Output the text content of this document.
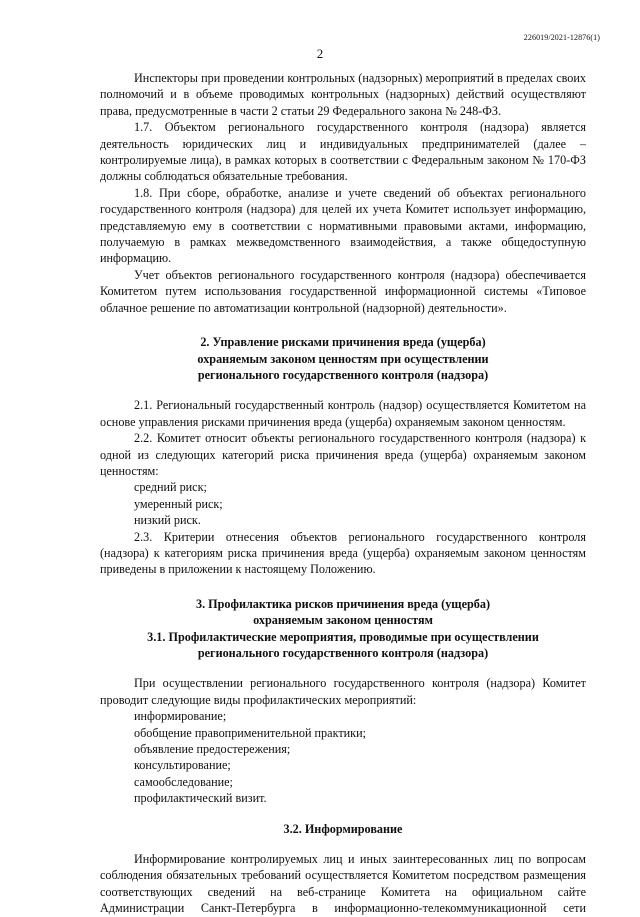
226019/2021-12876(1)
2

Инспекторы при проведении контрольных (надзорных) мероприятий в пределах своих полномочий и в объеме проводимых контрольных (надзорных) действий осуществляют права, предусмотренные в части 2 статьи 29 Федерального закона № 248-ФЗ.

1.7. Объектом регионального государственного контроля (надзора) является деятельность юридических лиц и индивидуальных предпринимателей (далее – контролируемые лица), в рамках которых в соответствии с Федеральным законом № 170-ФЗ должны соблюдаться обязательные требования.

1.8. При сборе, обработке, анализе и учете сведений об объектах регионального государственного контроля (надзора) для целей их учета Комитет использует информацию, представляемую ему в соответствии с нормативными правовыми актами, информацию, получаемую в рамках межведомственного взаимодействия, а также общедоступную информацию.

Учет объектов регионального государственного контроля (надзора) обеспечивается Комитетом путем использования государственной информационной системы «Типовое облачное решение по автоматизации контрольной (надзорной) деятельности».

2. Управление рисками причинения вреда (ущерба)

охраняемым законом ценностям при осуществлении

регионального государственного контроля (надзора)

2.1. Региональный государственный контроль (надзор) осуществляется Комитетом на основе управления рисками причинения вреда (ущерба) охраняемым законом ценностям.

2.2. Комитет относит объекты регионального государственного контроля (надзора) к одной из следующих категорий риска причинения вреда (ущерба) охраняемым законом ценностям:

средний риск;

умеренный риск;

низкий риск.

2.3. Критерии отнесения объектов регионального государственного контроля (надзора) к категориям риска причинения вреда (ущерба) охраняемым законом ценностям приведены в приложении к настоящему Положению.

3. Профилактика рисков причинения вреда (ущерба)

охраняемым законом ценностям

3.1. Профилактические мероприятия, проводимые при осуществлении

регионального государственного контроля (надзора)

При осуществлении регионального государственного контроля (надзора) Комитет проводит следующие виды профилактических мероприятий:

информирование;

обобщение правоприменительной практики;

объявление предостережения;

консультирование;

самообследование;

профилактический визит.

3.2. Информирование

Информирование контролируемых лиц и иных заинтересованных лиц по вопросам соблюдения обязательных требований осуществляется Комитетом посредством размещения соответствующих сведений на веб-странице Комитета на официальном сайте Администрации Санкт-Петербурга в информационно-телекоммуникационной сети
